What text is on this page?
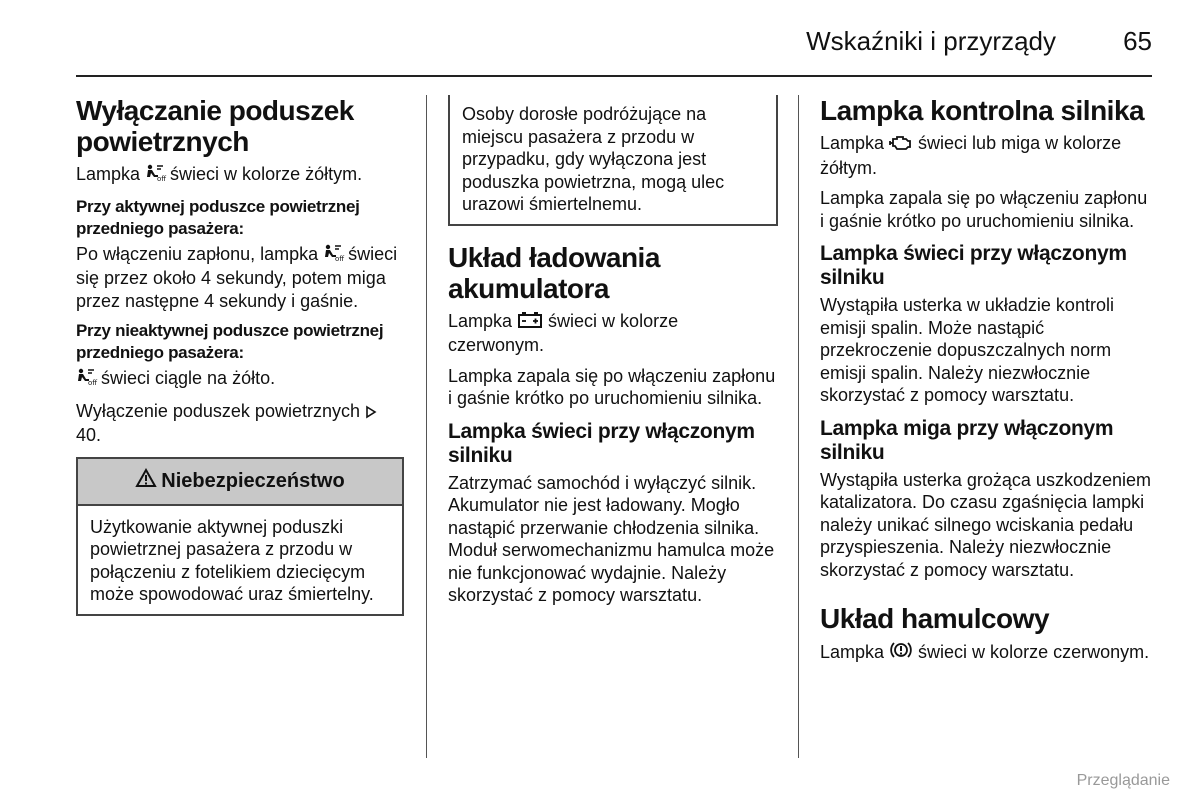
Wskaźniki i przyrządy	65
Wyłączanie poduszek powietrznych

Lampka off
świeci w kolorze żółtym.

Przy aktywnej poduszce powietrznej przedniego pasażera:

Po włączeniu zapłonu, lampka off
świeci się przez około 4 sekundy, potem miga przez następne 4 sekundy i gaśnie.

Przy nieaktywnej poduszce powietrznej przedniego pasażera:

off
świeci ciągle na żółto.

Wyłączenie poduszek powietrznych  40.

Niebezpieczeństwo
Użytkowanie aktywnej poduszki powietrznej pasażera z przodu w połączeniu z fotelikiem dziecięcym może spowodować uraz śmiertelny.
Osoby dorosłe podróżujące na miejscu pasażera z przodu w przypadku, gdy wyłączona jest poduszka powietrzna, mogą ulec urazowi śmiertelnemu.
Układ ładowania akumulatora

Lampka  świeci w kolorze czerwonym.

Lampka zapala się po włączeniu zapłonu i gaśnie krótko po uruchomieniu silnika.

Lampka świeci przy włączonym silniku

Zatrzymać samochód i wyłączyć silnik. Akumulator nie jest ładowany. Mogło nastąpić przerwanie chłodzenia silnika. Moduł serwomechanizmu hamulca może nie funkcjonować wydajnie. Należy skorzystać z pomocy warsztatu.

Lampka kontrolna silnika

Lampka  świeci lub miga w kolorze żółtym.

Lampka zapala się po włączeniu zapłonu i gaśnie krótko po uruchomieniu silnika.

Lampka świeci przy włączonym silniku

Wystąpiła usterka w układzie kontroli emisji spalin. Może nastąpić przekroczenie dopuszczalnych norm emisji spalin. Należy niezwłocznie skorzystać z pomocy warsztatu.

Lampka miga przy włączonym silniku

Wystąpiła usterka grożąca uszkodzeniem katalizatora. Do czasu zgaśnięcia lampki należy unikać silnego wciskania pedału przyspieszenia. Należy niezwłocznie skorzystać z pomocy warsztatu.

Układ hamulcowy

Lampka  świeci w kolorze czerwonym.

Przeglądanie
